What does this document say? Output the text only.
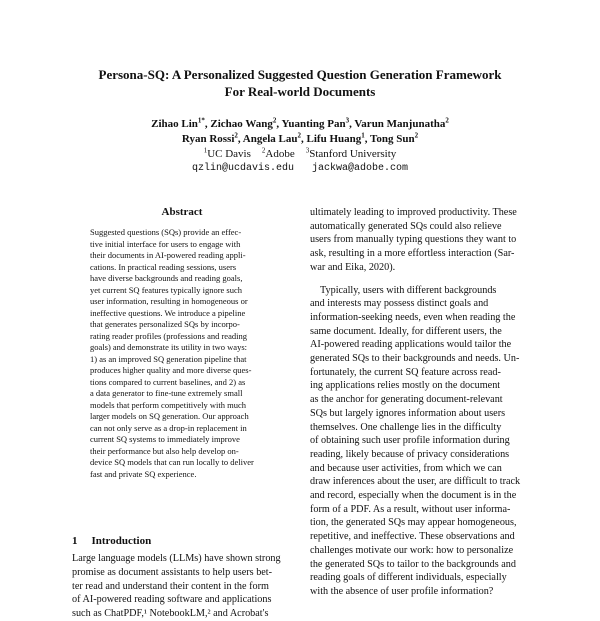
Persona-SQ: A Personalized Suggested Question Generation Framework
For Real-world Documents
Zihao Lin$^{1*}$, Zichao Wang$^2$, Yuanting Pan$^3$, Varun Manjunatha$^2$
Ryan Rossi$^2$, Angela Lau$^2$, Lifu Huang$^1$, Tong Sun$^2$
$^1$UC Davis $^2$Adobe $^3$Stanford University
qzlin@ucdavis.edu jackwa@adobe.com
Abstract
Suggested questions (SQs) provide an effec-
tive initial interface for users to engage with
their documents in AI-powered reading appli-
cations. In practical reading sessions, users
have diverse backgrounds and reading goals,
yet current SQ features typically ignore such
user information, resulting in homogeneous or
ineffective questions. We introduce a pipeline
that generates personalized SQs by incorpo-
rating reader profiles (professions and reading
goals) and demonstrate its utility in two ways:
1) as an improved SQ generation pipeline that
produces higher quality and more diverse ques-
tions compared to current baselines, and 2) as
a data generator to fine-tune extremely small
models that perform competitively with much
larger models on SQ generation. Our approach
can not only serve as a drop-in replacement in
current SQ systems to immediately improve
their performance but also help develop on-
device SQ models that can run locally to deliver
fast and private SQ experience.
1 Introduction
Large language models (LLMs) have shown strong
promise as document assistants to help users bet-
ter read and understand their content in the form
of AI-powered reading software and applications
such as ChatPDF,¹ NotebookLM,² and Acrobat's
ultimately leading to improved productivity. These
automatically generated SQs could also relieve
users from manually typing questions they want to
ask, resulting in a more effortless interaction (Sar-
war and Eika, 2020).
Typically, users with different backgrounds
and interests may possess distinct goals and
information-seeking needs, even when reading the
same document. Ideally, for different users, the
AI-powered reading applications would tailor the
generated SQs to their backgrounds and needs. Un-
fortunately, the current SQ feature across read-
ing applications relies mostly on the document
as the anchor for generating document-relevant
SQs but largely ignores information about users
themselves. One challenge lies in the difficulty
of obtaining such user profile information during
reading, likely because of privacy considerations
and because user activities, from which we can
draw inferences about the user, are difficult to track
and record, especially when the document is in the
form of a PDF. As a result, without user informa-
tion, the generated SQs may appear homogeneous,
repetitive, and ineffective. These observations and
challenges motivate our work: how to personalize
the generated SQs to tailor to the backgrounds and
reading goals of different individuals, especially
with the absence of user profile information?
